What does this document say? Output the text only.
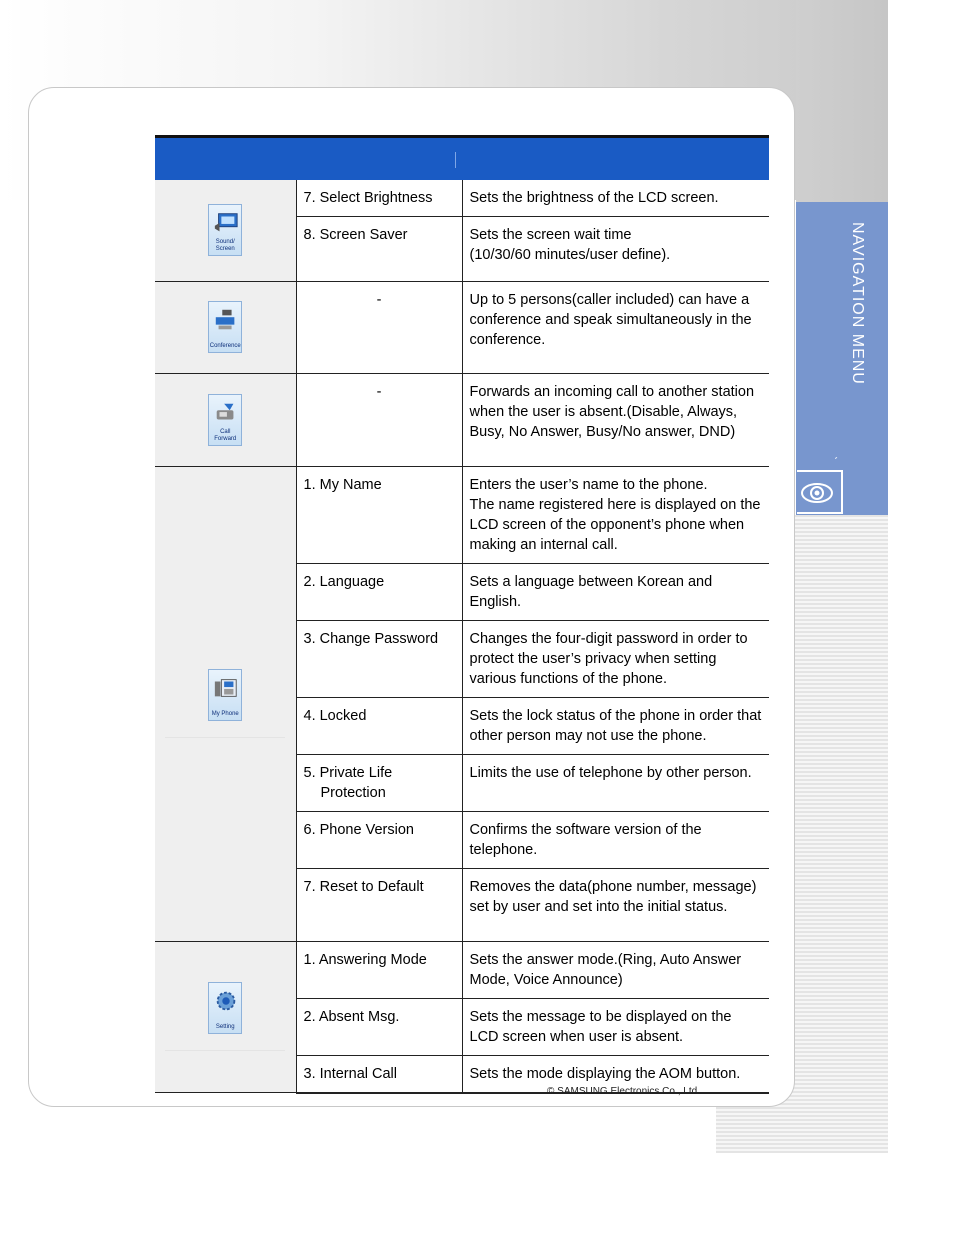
NAVIGATION MENU
ˊ

Sound/
Screen	7. Select Brightness	Sets the brightness of the LCD screen.

	8. Screen Saver	Sets the screen wait time
(10/30/60 minutes/user define).

Conference	-	Up to 5 persons(caller included) can have a conference and speak simultaneously in the conference.

Call
Forward	-	Forwards an incoming call to another station when the user is absent.(Disable, Always, Busy, No Answer, Busy/No answer, DND)

My Phone	1. My Name	Enters the user’s name to the phone.
The name registered here is displayed on the LCD screen of the opponent’s phone when making an internal call.

	2. Language	Sets a language between Korean and English.

	3. Change Password	Changes the four-digit password in order to protect the user’s privacy when setting various functions of the phone.

	4. Locked	Sets the lock status of the phone in order that other person may not use the phone.

	5. Private Life Protection	Limits the use of telephone by other person.

	6. Phone Version	Confirms the software version of the telephone.

	7. Reset to Default	Removes the data(phone number, message) set by user and set into the initial status.

Setting	1. Answering Mode	Sets the answer mode.(Ring, Auto Answer Mode, Voice Announce)

	2. Absent Msg.	Sets the message to be displayed on the LCD screen when user is absent.

	3. Internal Call	Sets the mode displaying the AOM button.
© SAMSUNG Electronics Co., Ltd.
